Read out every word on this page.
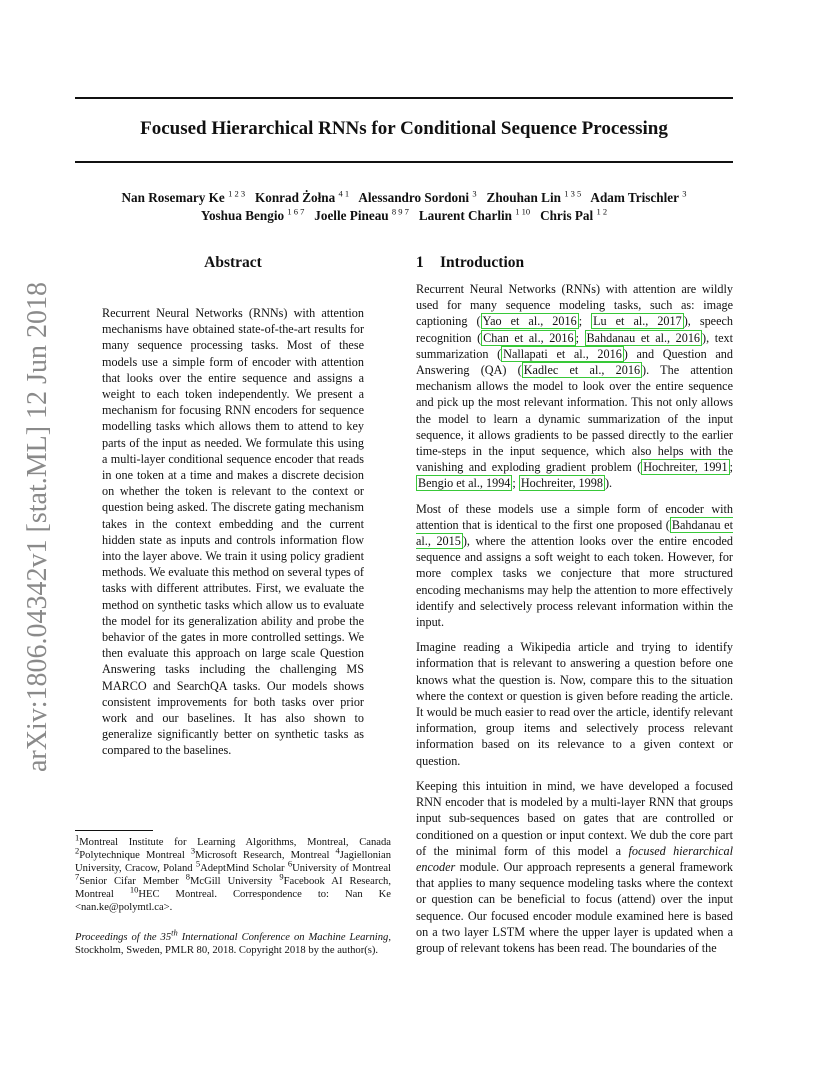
Focused Hierarchical RNNs for Conditional Sequence Processing
Nan Rosemary Ke $^{1 2 3}$ Konrad Żołna $^{4 1}$ Alessandro Sordoni $^3$ Zhouhan Lin $^{1 3 5}$ Adam Trischler $^3$
Yoshua Bengio $^{1 6 7}$ Joelle Pineau $^{8 9 7}$ Laurent Charlin $^{1 10}$ Chris Pal $^{1 2}$
arXiv:1806.04342v1 [stat.ML] 12 Jun 2018
Abstract
Recurrent Neural Networks (RNNs) with attention mechanisms have obtained state-of-the-art results for many sequence processing tasks. Most of these models use a simple form of encoder with attention that looks over the entire sequence and assigns a weight to each token independently. We present a mechanism for focusing RNN encoders for sequence modelling tasks which allows them to attend to key parts of the input as needed. We formulate this using a multi-layer conditional sequence encoder that reads in one token at a time and makes a discrete decision on whether the token is relevant to the context or question being asked. The discrete gating mechanism takes in the context embedding and the current hidden state as inputs and controls information flow into the layer above. We train it using policy gradient methods. We evaluate this method on several types of tasks with different attributes. First, we evaluate the method on synthetic tasks which allow us to evaluate the model for its generalization ability and probe the behavior of the gates in more controlled settings. We then evaluate this approach on large scale Question Answering tasks including the challenging MS MARCO and SearchQA tasks. Our models shows consistent improvements for both tasks over prior work and our baselines. It has also shown to generalize significantly better on synthetic tasks as compared to the baselines.
$^1$Montreal Institute for Learning Algorithms, Montreal, Canada $^2$Polytechnique Montreal $^3$Microsoft Research, Montreal $^4$Jagiellonian University, Cracow, Poland $^5$AdeptMind Scholar $^6$University of Montreal $^7$Senior Cifar Member $^8$McGill University $^9$Facebook AI Research, Montreal $^{10}$HEC Montreal. Correspondence to: Nan Ke <nan.ke@polymtl.ca>.
Proceedings of the 35th International Conference on Machine Learning, Stockholm, Sweden, PMLR 80, 2018. Copyright 2018 by the author(s).
1 Introduction

Recurrent Neural Networks (RNNs) with attention are wildly used for many sequence modeling tasks, such as: image captioning ( Yao et al., 2016 ; Lu et al., 2017 ), speech recognition ( Chan et al., 2016 ; Bahdanau et al., 2016 ), text summarization ( Nallapati et al., 2016 ) and Question and Answering (QA) ( Kadlec et al., 2016 ). The attention mechanism allows the model to look over the entire sequence and pick up the most relevant information. This not only allows the model to learn a dynamic summarization of the input sequence, it allows gradients to be passed directly to the earlier time-steps in the input sequence, which also helps with the vanishing and exploding gradient problem ( Hochreiter, 1991 ; Bengio et al., 1994 ; Hochreiter, 1998 ).

Most of these models use a simple form of encoder with attention that is identical to the first one proposed ( Bahdanau et al., 2015 ), where the attention looks over the entire encoded sequence and assigns a soft weight to each token. However, for more complex tasks we conjecture that more structured encoding mechanisms may help the attention to more effectively identify and selectively process relevant information within the input.

Imagine reading a Wikipedia article and trying to identify information that is relevant to answering a question before one knows what the question is. Now, compare this to the situation where the context or question is given before reading the article. It would be much easier to read over the article, identify relevant information, group items and selectively process relevant information based on its relevance to a given context or question.

Keeping this intuition in mind, we have developed a focused RNN encoder that is modeled by a multi-layer RNN that groups input sub-sequences based on gates that are controlled or conditioned on a question or input context. We dub the core part of the minimal form of this model a focused hierarchical encoder module. Our approach represents a general framework that applies to many sequence modeling tasks where the context or question can be beneficial to focus (attend) over the input sequence. Our focused encoder module examined here is based on a two layer LSTM where the upper layer is updated when a group of relevant tokens has been read. The boundaries of the
